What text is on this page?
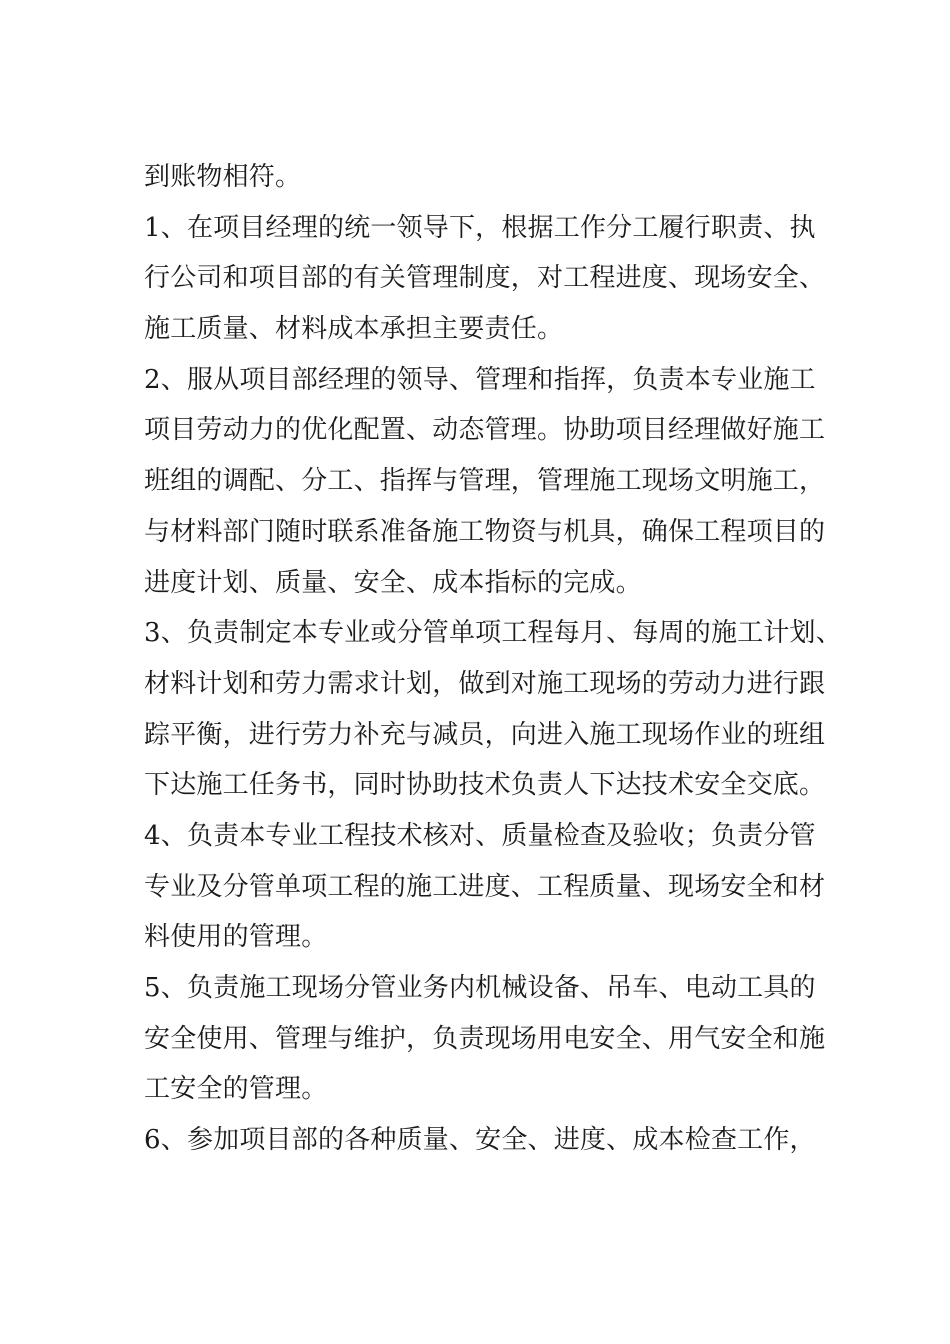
到账物相符。
1、在项目经理的统一领导下，根据工作分工履行职责、执
行公司和项目部的有关管理制度，对工程进度、现场安全、
施工质量、材料成本承担主要责任。
2、服从项目部经理的领导、管理和指挥，负责本专业施工
项目劳动力的优化配置、动态管理。协助项目经理做好施工
班组的调配、分工、指挥与管理，管理施工现场文明施工，
与材料部门随时联系准备施工物资与机具，确保工程项目的
进度计划、质量、安全、成本指标的完成。
3、负责制定本专业或分管单项工程每月、每周的施工计划、
材料计划和劳力需求计划，做到对施工现场的劳动力进行跟
踪平衡，进行劳力补充与减员，向进入施工现场作业的班组
下达施工任务书，同时协助技术负责人下达技术安全交底。
4、负责本专业工程技术核对、质量检查及验收；负责分管
专业及分管单项工程的施工进度、工程质量、现场安全和材
料使用的管理。
5、负责施工现场分管业务内机械设备、吊车、电动工具的
安全使用、管理与维护，负责现场用电安全、用气安全和施
工安全的管理。
6、参加项目部的各种质量、安全、进度、成本检查工作，
